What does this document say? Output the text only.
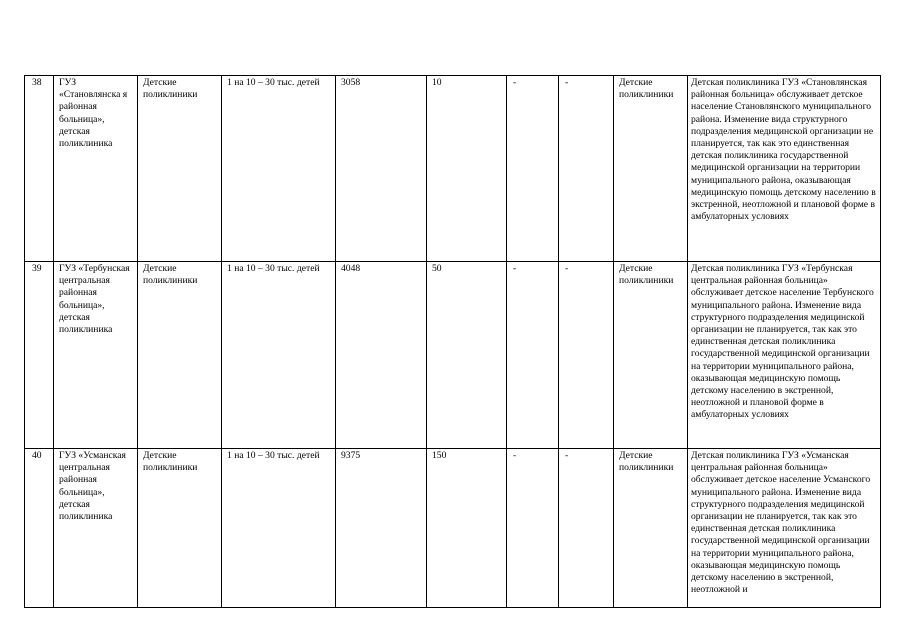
38	ГУЗ «Становлянска я районная больница», детская поликлиника	Детские поликлиники	1 на 10 – 30 тыс. детей	3058	10	-	-	Детские поликлиники	Детская поликлиника ГУЗ «Становлянская районная больница» обслуживает детское население Становлянского муниципального района. Изменение вида структурного подразделения медицинской организации не планируется, так как это единственная детская поликлиника государственной медицинской организации на территории муниципального района, оказывающая медицинскую помощь детскому населению в экстренной, неотложной и плановой форме в амбулаторных условиях
39	ГУЗ «Тербунская центральная районная больница», детская поликлиника	Детские поликлиники	1 на 10 – 30 тыс. детей	4048	50	-	-	Детские поликлиники	Детская поликлиника ГУЗ «Тербунская центральная районная больница» обслуживает детское население Тербунского муниципального района. Изменение вида структурного подразделения медицинской организации не планируется, так как это единственная детская поликлиника государственной медицинской организации на территории муниципального района, оказывающая медицинскую помощь детскому населению в экстренной, неотложной и плановой форме в амбулаторных условиях
40	ГУЗ «Усманская центральная районная больница», детская поликлиника	Детские поликлиники	1 на 10 – 30 тыс. детей	9375	150	-	-	Детские поликлиники	Детская поликлиника ГУЗ «Усманская центральная районная больница» обслуживает детское население Усманского муниципального района. Изменение вида структурного подразделения медицинской организации не планируется, так как это единственная детская поликлиника государственной медицинской организации на территории муниципального района, оказывающая медицинскую помощь детскому населению в экстренной, неотложной и
